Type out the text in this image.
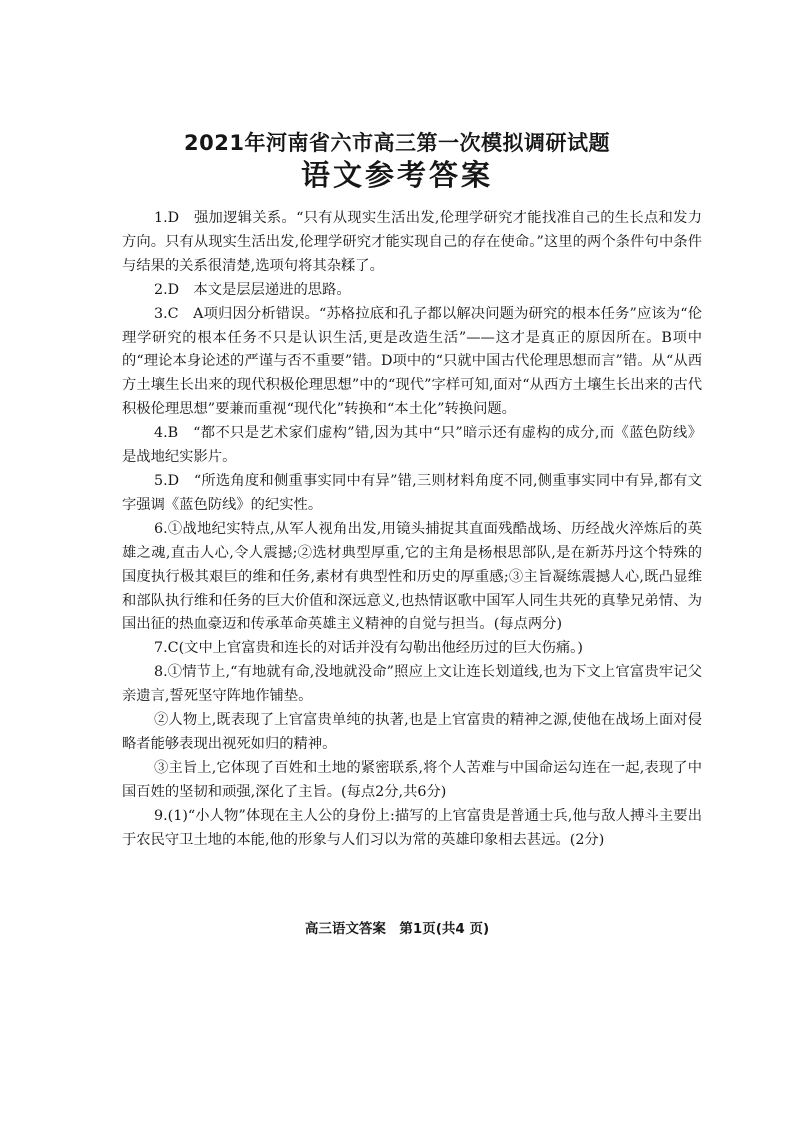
2021年河南省六市高三第一次模拟调研试题
语文参考答案

1.D　强加逻辑关系。“只有从现实生活出发,伦理学研究才能找准自己的生长点和发力方向。只有从现实生活出发,伦理学研究才能实现自己的存在使命。”这里的两个条件句中条件与结果的关系很清楚,选项句将其杂糅了。

2.D　本文是层层递进的思路。

3.C　A项归因分析错误。“苏格拉底和孔子都以解决问题为研究的根本任务”应该为“伦理学研究的根本任务不只是认识生活,更是改造生活”——这才是真正的原因所在。B项中的“理论本身论述的严谨与否不重要”错。D项中的“只就中国古代伦理思想而言”错。从“从西方土壤生长出来的现代积极伦理思想”中的“现代”字样可知,面对“从西方土壤生长出来的古代积极伦理思想”要兼而重视“现代化”转换和“本土化”转换问题。

4.B　“都不只是艺术家们虚构”错,因为其中“只”暗示还有虚构的成分,而《蓝色防线》是战地纪实影片。

5.D　“所选角度和侧重事实同中有异”错,三则材料角度不同,侧重事实同中有异,都有文字强调《蓝色防线》的纪实性。

6.①战地纪实特点,从军人视角出发,用镜头捕捉其直面残酷战场、历经战火淬炼后的英雄之魂,直击人心,令人震撼;②选材典型厚重,它的主角是杨根思部队,是在新苏丹这个特殊的国度执行极其艰巨的维和任务,素材有典型性和历史的厚重感;③主旨凝练震撼人心,既凸显维和部队执行维和任务的巨大价值和深远意义,也热情讴歌中国军人同生共死的真挚兄弟情、为国出征的热血豪迈和传承革命英雄主义精神的自觉与担当。(每点两分)

7.C(文中上官富贵和连长的对话并没有勾勒出他经历过的巨大伤痛。)

8.①情节上,“有地就有命,没地就没命”照应上文让连长划道线,也为下文上官富贵牢记父亲遗言,誓死坚守阵地作铺垫。

②人物上,既表现了上官富贵单纯的执著,也是上官富贵的精神之源,使他在战场上面对侵略者能够表现出视死如归的精神。

③主旨上,它体现了百姓和土地的紧密联系,将个人苦难与中国命运勾连在一起,表现了中国百姓的坚韧和顽强,深化了主旨。(每点2分,共6分)

9.(1)“小人物”体现在主人公的身份上:描写的上官富贵是普通士兵,他与敌人搏斗主要出于农民守卫土地的本能,他的形象与人们习以为常的英雄印象相去甚远。(2分)

高三语文答案　第1页(共4 页)
